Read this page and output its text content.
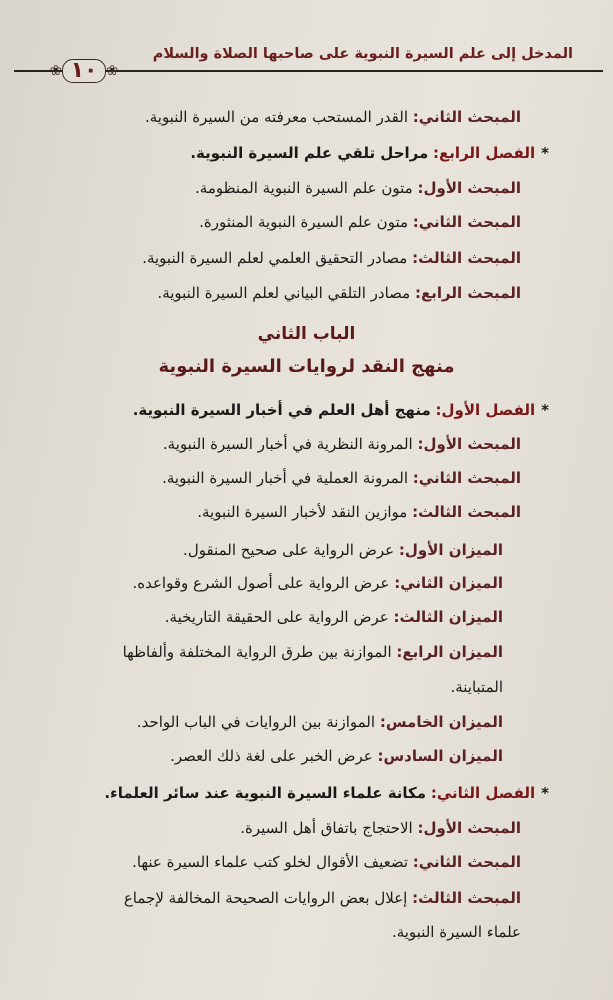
المدخل إلى علم السيرة النبوية على صاحبها الصلاة والسلام
❀ ١٠ ❀
المبحث الثاني: القدر المستحب معرفته من السيرة النبوية.
*الفصل الرابع: مراحل تلقي علم السيرة النبوية.
المبحث الأول: متون علم السيرة النبوية المنظومة.
المبحث الثاني: متون علم السيرة النبوية المنثورة.
المبحث الثالث: مصادر التحقيق العلمي لعلم السيرة النبوية.
المبحث الرابع: مصادر التلقي البياني لعلم السيرة النبوية.
الباب الثاني
منهج النقد لروايات السيرة النبوية
*الفصل الأول: منهج أهل العلم في أخبار السيرة النبوية.
المبحث الأول: المرونة النظرية في أخبار السيرة النبوية.
المبحث الثاني: المرونة العملية في أخبار السيرة النبوية.
المبحث الثالث: موازين النقد لأخبار السيرة النبوية.
الميزان الأول: عرض الرواية على صحيح المنقول.
الميزان الثاني: عرض الرواية على أصول الشرع وقواعده.
الميزان الثالث: عرض الرواية على الحقيقة التاريخية.
الميزان الرابع: الموازنة بين طرق الرواية المختلفة وألفاظها
المتباينة.
الميزان الخامس: الموازنة بين الروايات في الباب الواحد.
الميزان السادس: عرض الخبر على لغة ذلك العصر.
*الفصل الثاني: مكانة علماء السيرة النبوية عند سائر العلماء.
المبحث الأول: الاحتجاج باتفاق أهل السيرة.
المبحث الثاني: تضعيف الأقوال لخلو كتب علماء السيرة عنها.
المبحث الثالث: إعلال بعض الروايات الصحيحة المخالفة لإجماع
علماء السيرة النبوية.
